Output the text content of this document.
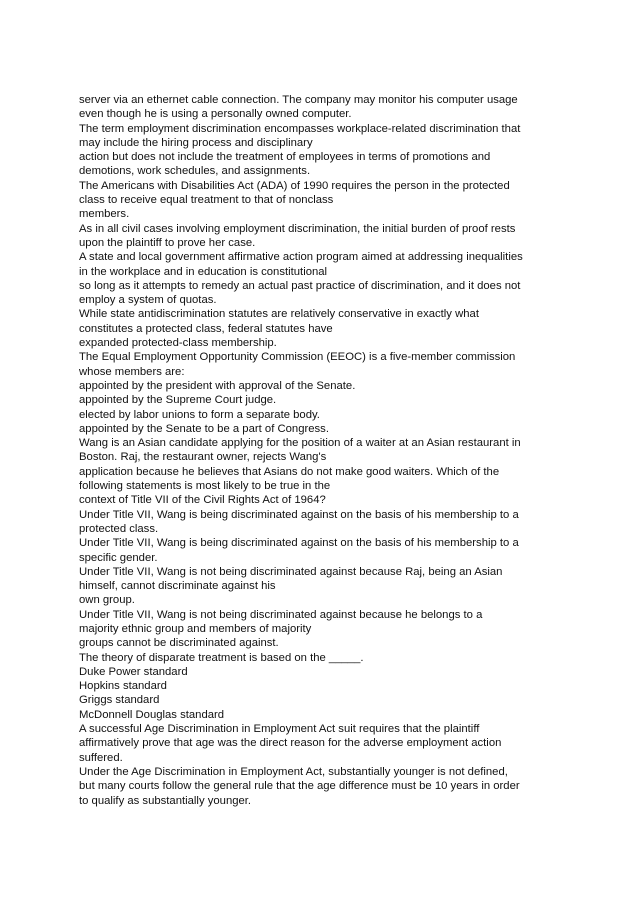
server via an ethernet cable connection. The company may monitor his computer usage
even though he is using a personally owned computer.
The term employment discrimination encompasses workplace-related discrimination that
may include the hiring process and disciplinary
action but does not include the treatment of employees in terms of promotions and
demotions, work schedules, and assignments.
The Americans with Disabilities Act (ADA) of 1990 requires the person in the protected
class to receive equal treatment to that of nonclass
members.
As in all civil cases involving employment discrimination, the initial burden of proof rests
upon the plaintiff to prove her case.
A state and local government affirmative action program aimed at addressing inequalities
in the workplace and in education is constitutional
so long as it attempts to remedy an actual past practice of discrimination, and it does not
employ a system of quotas.
While state antidiscrimination statutes are relatively conservative in exactly what
constitutes a protected class, federal statutes have
expanded protected-class membership.
The Equal Employment Opportunity Commission (EEOC) is a five-member commission
whose members are:
appointed by the president with approval of the Senate.
appointed by the Supreme Court judge.
elected by labor unions to form a separate body.
appointed by the Senate to be a part of Congress.
Wang is an Asian candidate applying for the position of a waiter at an Asian restaurant in
Boston. Raj, the restaurant owner, rejects Wang's
application because he believes that Asians do not make good waiters. Which of the
following statements is most likely to be true in the
context of Title VII of the Civil Rights Act of 1964?
Under Title VII, Wang is being discriminated against on the basis of his membership to a
protected class.
Under Title VII, Wang is being discriminated against on the basis of his membership to a
specific gender.
Under Title VII, Wang is not being discriminated against because Raj, being an Asian
himself, cannot discriminate against his
own group.
Under Title VII, Wang is not being discriminated against because he belongs to a
majority ethnic group and members of majority
groups cannot be discriminated against.
The theory of disparate treatment is based on the _____.
Duke Power standard
Hopkins standard
Griggs standard
McDonnell Douglas standard
A successful Age Discrimination in Employment Act suit requires that the plaintiff
affirmatively prove that age was the direct reason for the adverse employment action
suffered.
Under the Age Discrimination in Employment Act, substantially younger is not defined,
but many courts follow the general rule that the age difference must be 10 years in order
to qualify as substantially younger.
